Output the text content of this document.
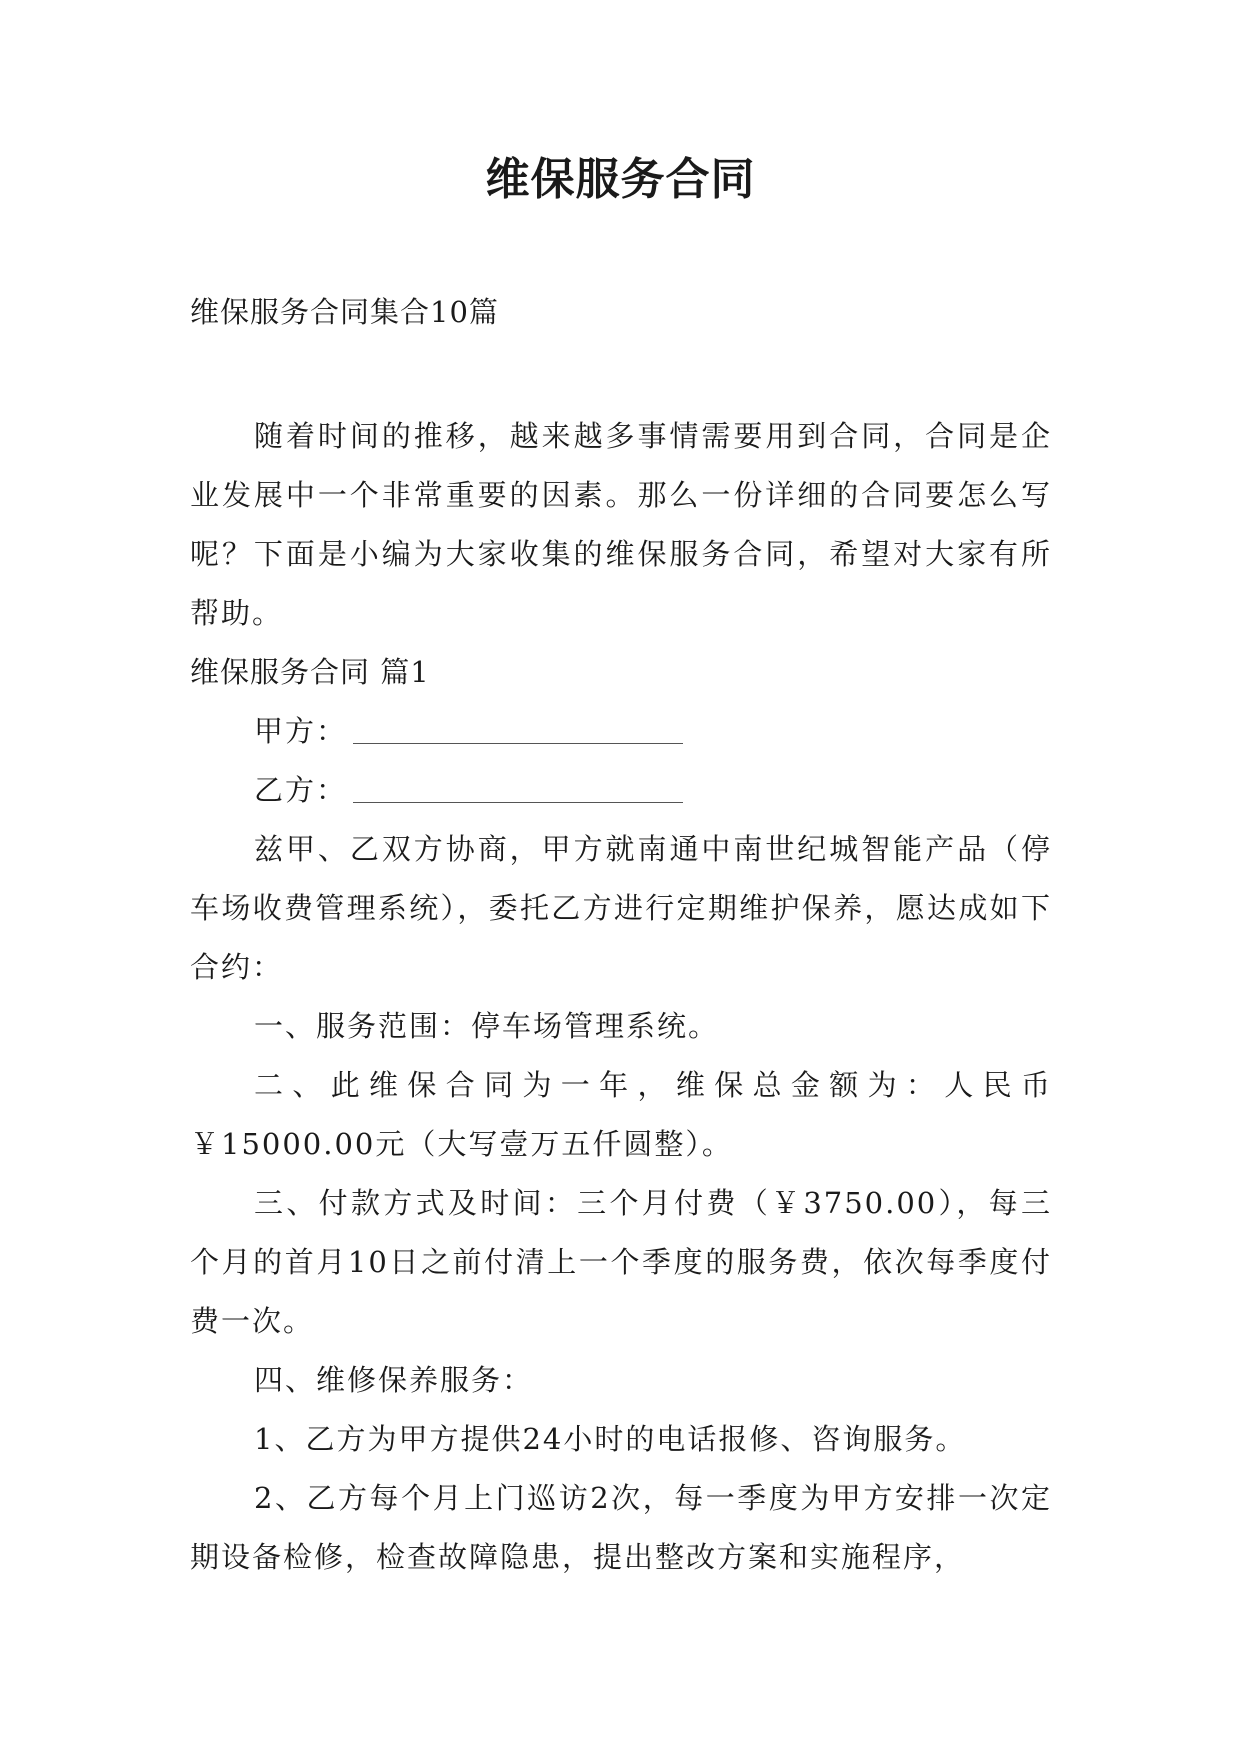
维保服务合同
维保服务合同集合10篇

随着时间的推移，越来越多事情需要用到合同，合同是企业发展中一个非常重要的因素。那么一份详细的合同要怎么写呢？下面是小编为大家收集的维保服务合同，希望对大家有所帮助。

维保服务合同 篇1

甲方：

乙方：

兹甲、乙双方协商，甲方就南通中南世纪城智能产品（停车场收费管理系统），委托乙方进行定期维护保养，愿达成如下合约：

一、服务范围：停车场管理系统。

二、此维保合同为一年，维保总金额为：人民币￥15000.00元（大写壹万五仟圆整）。

三、付款方式及时间：三个月付费（￥3750.00），每三个月的首月10日之前付清上一个季度的服务费，依次每季度付费一次。

四、维修保养服务：

1、乙方为甲方提供24小时的电话报修、咨询服务。

2、乙方每个月上门巡访2次，每一季度为甲方安排一次定期设备检修，检查故障隐患，提出整改方案和实施程序，
